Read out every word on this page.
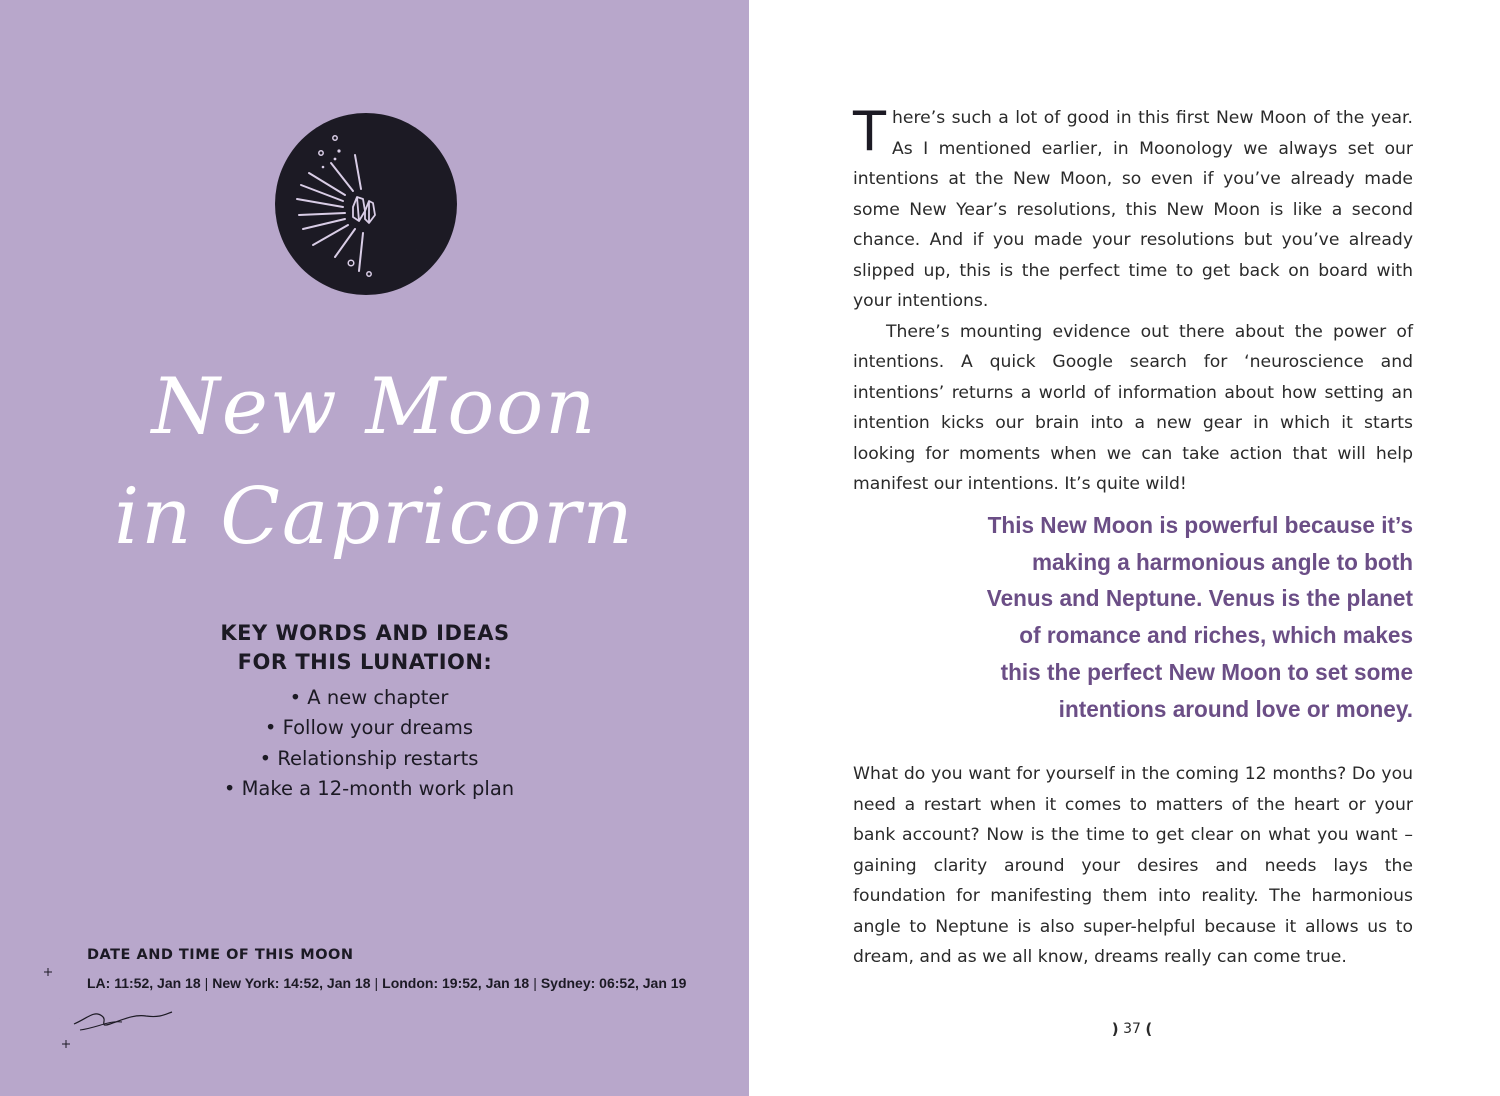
New Moon
in Capricorn
KEY WORDS AND IDEAS
FOR THIS LUNATION:
• A new chapter
• Follow your dreams
• Relationship restarts
• Make a 12-month work plan
DATE AND TIME OF THIS MOON
LA: 11:52, Jan 18 | New York: 14:52, Jan 18 | London: 19:52, Jan 18 | Sydney: 06:52, Jan 19

There’s such a lot of good in this first New Moon of the year. As I mentioned earlier, in Moonology we always set our intentions at the New Moon, so even if you’ve already made some New Year’s resolutions, this New Moon is like a second chance. And if you made your resolutions but you’ve already slipped up, this is the perfect time to get back on board with your intentions.
There’s mounting evidence out there about the power of intentions. A quick Google search for ‘neuroscience and intentions’ returns a world of information about how setting an intention kicks our brain into a new gear in which it starts looking for moments when we can take action that will help manifest our intentions. It’s quite wild!

This New Moon is powerful because it’s
making a harmonious angle to both
Venus and Neptune. Venus is the planet
of romance and riches, which makes
this the perfect New Moon to set some
intentions around love or money.

What do you want for yourself in the coming 12 months? Do you need a restart when it comes to matters of the heart or your bank account? Now is the time to get clear on what you want – gaining clarity around your desires and needs lays the foundation for manifesting them into reality. The harmonious angle to Neptune is also super-helpful because it allows us to dream, and as we all know, dreams really can come true.

) 37 (
